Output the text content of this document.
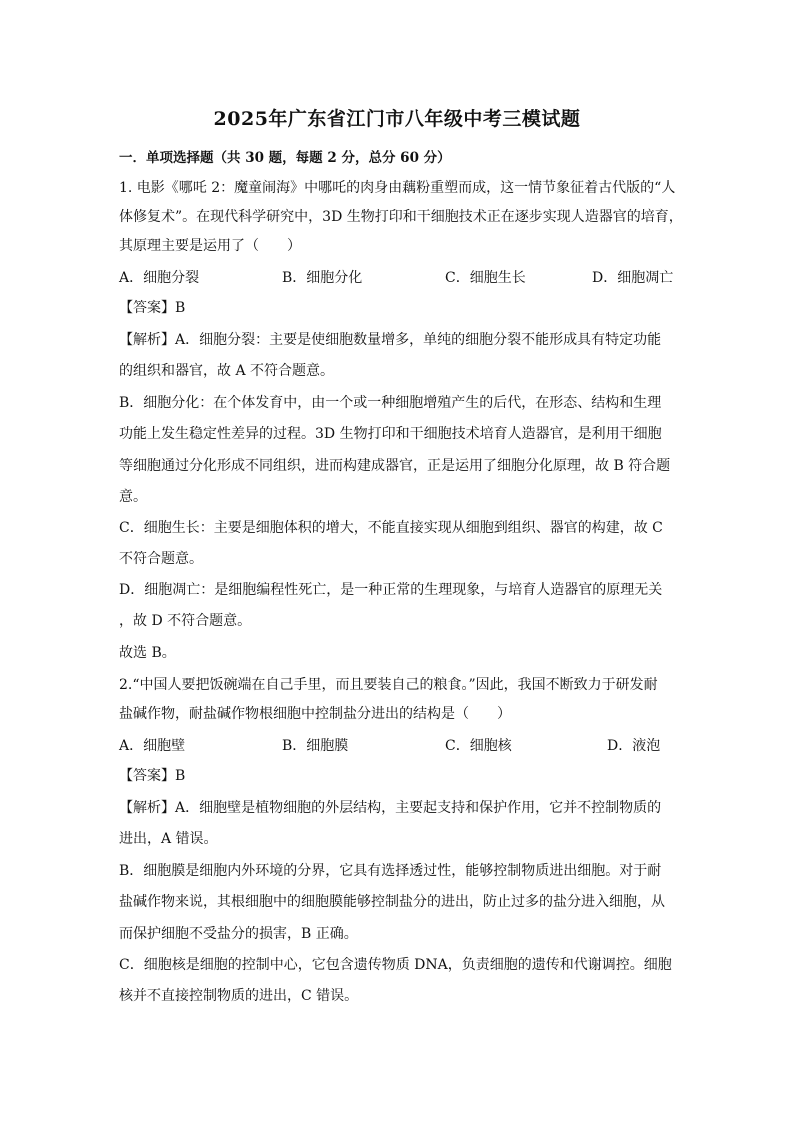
2025年广东省江门市八年级中考三模试题
一．单项选择题（共 30 题，每题 2 分，总分 60 分）
1. 电影《哪吒 2：魔童闹海》中哪吒的肉身由藕粉重塑而成，这一情节象征着古代版的“人
体修复术”。在现代科学研究中，3D 生物打印和干细胞技术正在逐步实现人造器官的培育，
其原理主要是运用了（　　）
A．细胞分裂	B．细胞分化	C．细胞生长	D．细胞凋亡
【答案】B
【解析】A．细胞分裂：主要是使细胞数量增多，单纯的细胞分裂不能形成具有特定功能
的组织和器官，故 A 不符合题意。
B．细胞分化：在个体发育中，由一个或一种细胞增殖产生的后代，在形态、结构和生理
功能上发生稳定性差异的过程。3D 生物打印和干细胞技术培育人造器官，是利用干细胞
等细胞通过分化形成不同组织，进而构建成器官，正是运用了细胞分化原理，故 B 符合题
意。
C．细胞生长：主要是细胞体积的增大，不能直接实现从细胞到组织、器官的构建，故 C
不符合题意。
D．细胞凋亡：是细胞编程性死亡，是一种正常的生理现象，与培育人造器官的原理无关
，故 D 不符合题意。
故选 B。
2.“中国人要把饭碗端在自己手里，而且要装自己的粮食。”因此，我国不断致力于研发耐
盐碱作物，耐盐碱作物根细胞中控制盐分进出的结构是（　　）
A．细胞壁	B．细胞膜	C．细胞核	D．液泡
【答案】B
【解析】A．细胞壁是植物细胞的外层结构，主要起支持和保护作用，它并不控制物质的
进出，A 错误。
B．细胞膜是细胞内外环境的分界，它具有选择透过性，能够控制物质进出细胞。对于耐
盐碱作物来说，其根细胞中的细胞膜能够控制盐分的进出，防止过多的盐分进入细胞，从
而保护细胞不受盐分的损害，B 正确。
C．细胞核是细胞的控制中心，它包含遗传物质 DNA，负责细胞的遗传和代谢调控。细胞
核并不直接控制物质的进出，C 错误。
